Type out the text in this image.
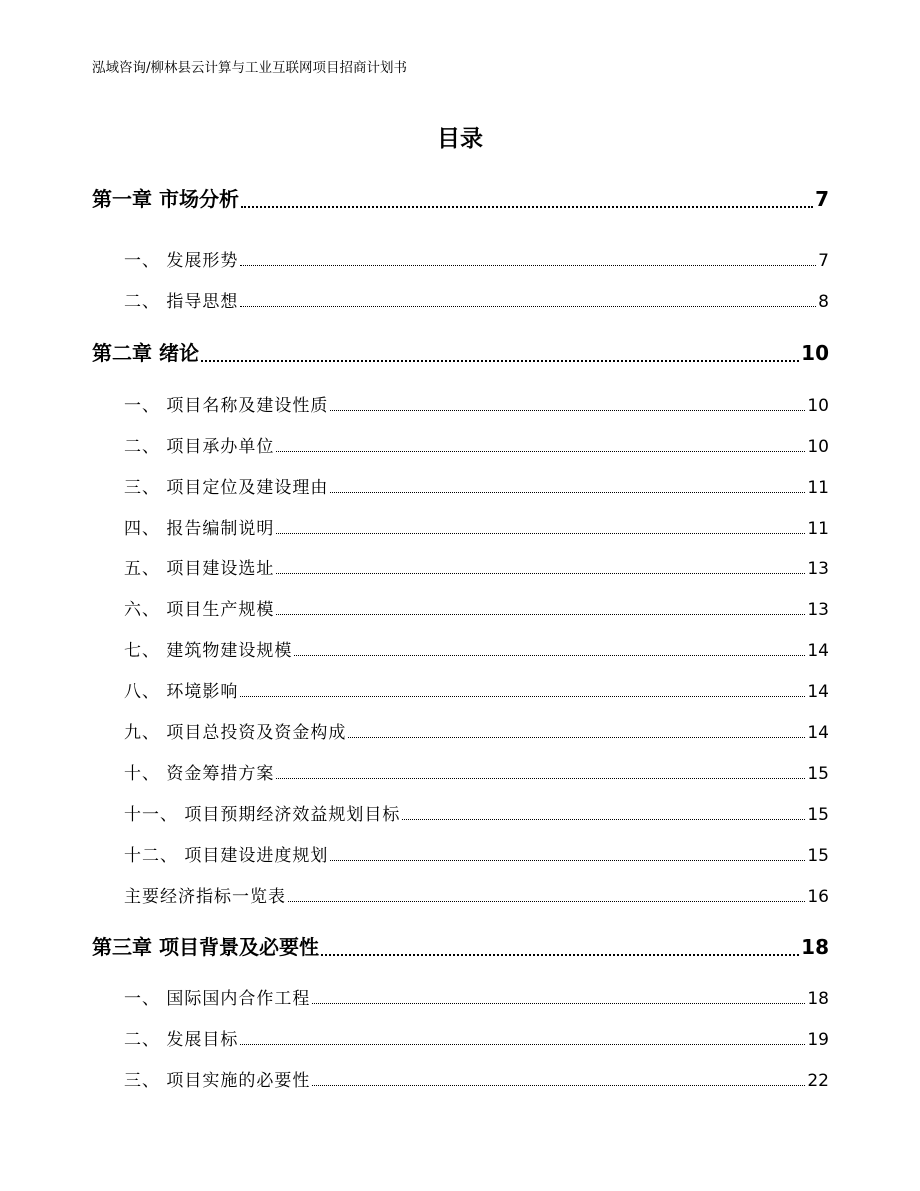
泓域咨询/柳林县云计算与工业互联网项目招商计划书
目录
第一章 市场分析	7
一、 发展形势	7
二、 指导思想	8
第二章 绪论	10
一、 项目名称及建设性质	10
二、 项目承办单位	10
三、 项目定位及建设理由	11
四、 报告编制说明	11
五、 项目建设选址	13
六、 项目生产规模	13
七、 建筑物建设规模	14
八、 环境影响	14
九、 项目总投资及资金构成	14
十、 资金筹措方案	15
十一、 项目预期经济效益规划目标	15
十二、 项目建设进度规划	15
主要经济指标一览表	16
第三章 项目背景及必要性	18
一、 国际国内合作工程	18
二、 发展目标	19
三、 项目实施的必要性	22
